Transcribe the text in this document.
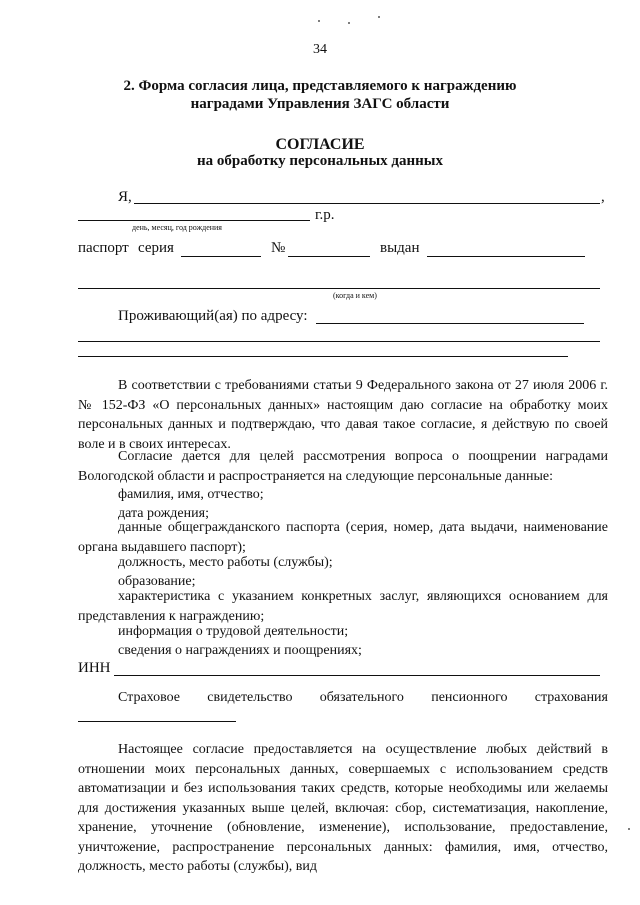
34
2. Форма согласия лица, представляемого к награждению
наградами Управления ЗАГС области
СОГЛАСИЕ
на обработку персональных данных
Я,	,
день, месяц, год рождения
г.р.
паспорт серия	№	выдан
(когда и кем)
Проживающий(ая) по адресу:
В соответствии с требованиями статьи 9 Федерального закона от 27 июля 2006 г. № 152-ФЗ «О персональных данных» настоящим даю согласие на обработку моих персональных данных и подтверждаю, что давая такое согласие, я действую по своей воле и в своих интересах.
Согласие дается для целей рассмотрения вопроса о поощрении наградами Вологодской области и распространяется на следующие персональные данные:
фамилия, имя, отчество;
дата рождения;
данные общегражданского паспорта (серия, номер, дата выдачи, наименование органа выдавшего паспорт);
должность, место работы (службы);
образование;
характеристика с указанием конкретных заслуг, являющихся основанием для представления к награждению;
информация о трудовой деятельности;
сведения о награждениях и поощрениях;
ИНН
Страховое свидетельство обязательного пенсионного страхования
Настоящее согласие предоставляется на осуществление любых действий в отношении моих персональных данных, совершаемых с использованием средств автоматизации и без использования таких средств, которые необходимы или желаемы для достижения указанных выше целей, включая: сбор, систематизация, накопление, хранение, уточнение (обновление, изменение), использование, предоставление, уничтожение, распространение персональных данных: фамилия, имя, отчество, должность, место работы (службы), вид
